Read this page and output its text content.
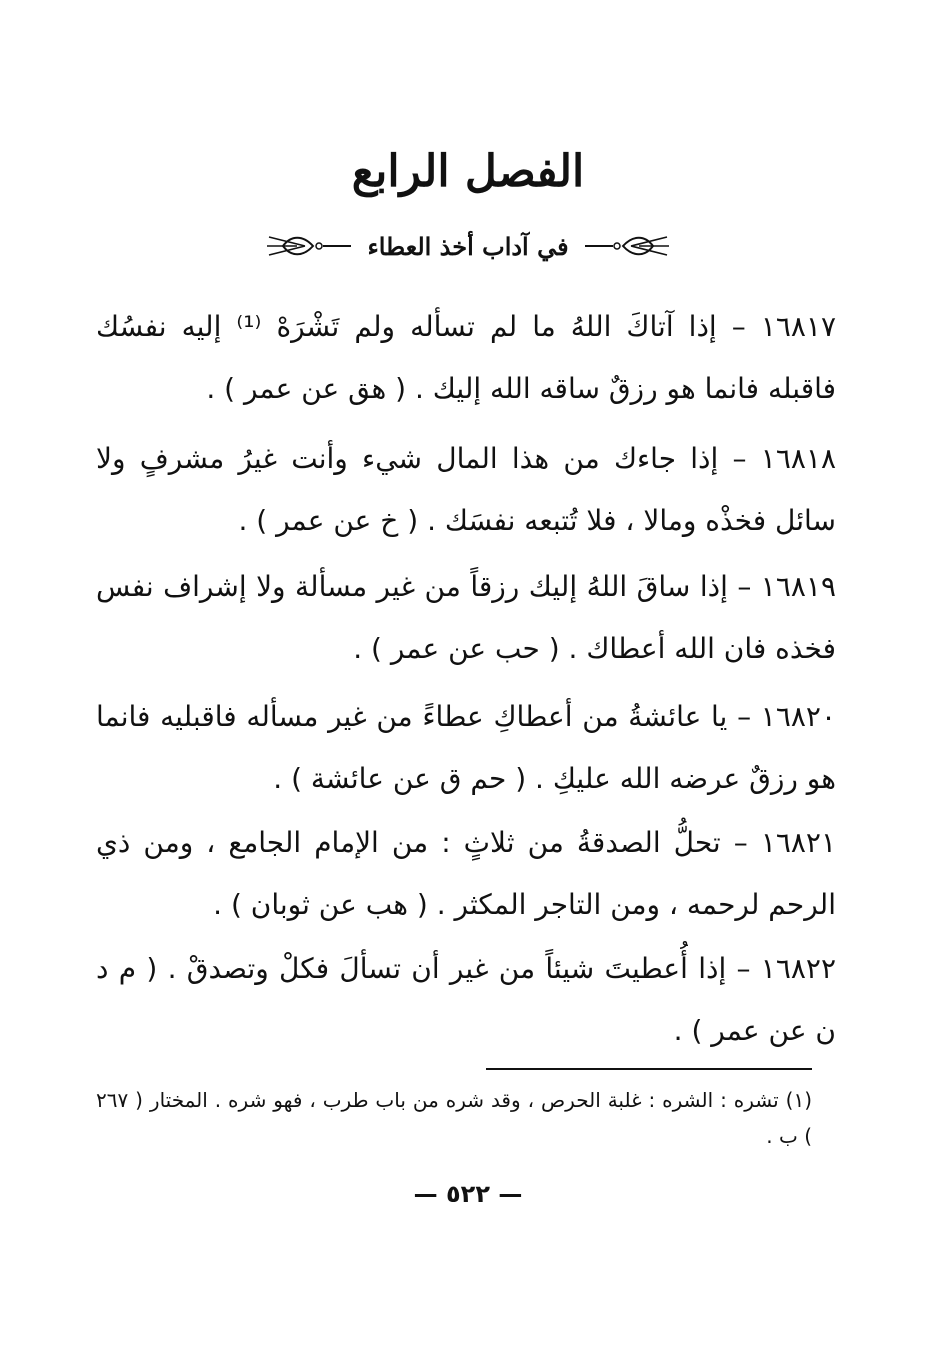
الفصل الرابع
في آداب أخذ العطاء
١٦٨١٧ – إذا آتاكَ اللهُ ما لم تسأله ولم تَشْرَهْ ⁽¹⁾ إليه نفسُك فاقبله فانما هو رزقٌ ساقه الله إليك . ( هق عن عمر ) .
١٦٨١٨ – إذا جاءك من هذا المال شيء وأنت غيرُ مشرفٍ ولا سائل فخذْه ومالا ، فلا تُتبعه نفسَك . ( خ عن عمر ) .
١٦٨١٩ – إذا ساقَ اللهُ إليك رزقاً من غير مسألة ولا إشراف نفس فخذه فان الله أعطاك . ( حب عن عمر ) .
١٦٨٢٠ – يا عائشةُ من أعطاكِ عطاءً من غير مسأله فاقبليه فانما هو رزقٌ عرضه الله عليكِ . ( حم ق عن عائشة ) .
١٦٨٢١ – تحلُّ الصدقةُ من ثلاثٍ : من الإمام الجامع ، ومن ذي الرحم لرحمه ، ومن التاجر المكثر . ( هب عن ثوبان ) .
١٦٨٢٢ – إذا أُعطيتَ شيئاً من غير أن تسألَ فكلْ وتصدقْ . ( م د ن عن عمر ) .
(١) تشره : الشره : غلبة الحرص ، وقد شره من باب طرب ، فهو شره . المختار ( ٢٦٧ ) ب .
— ٥٢٢ —
